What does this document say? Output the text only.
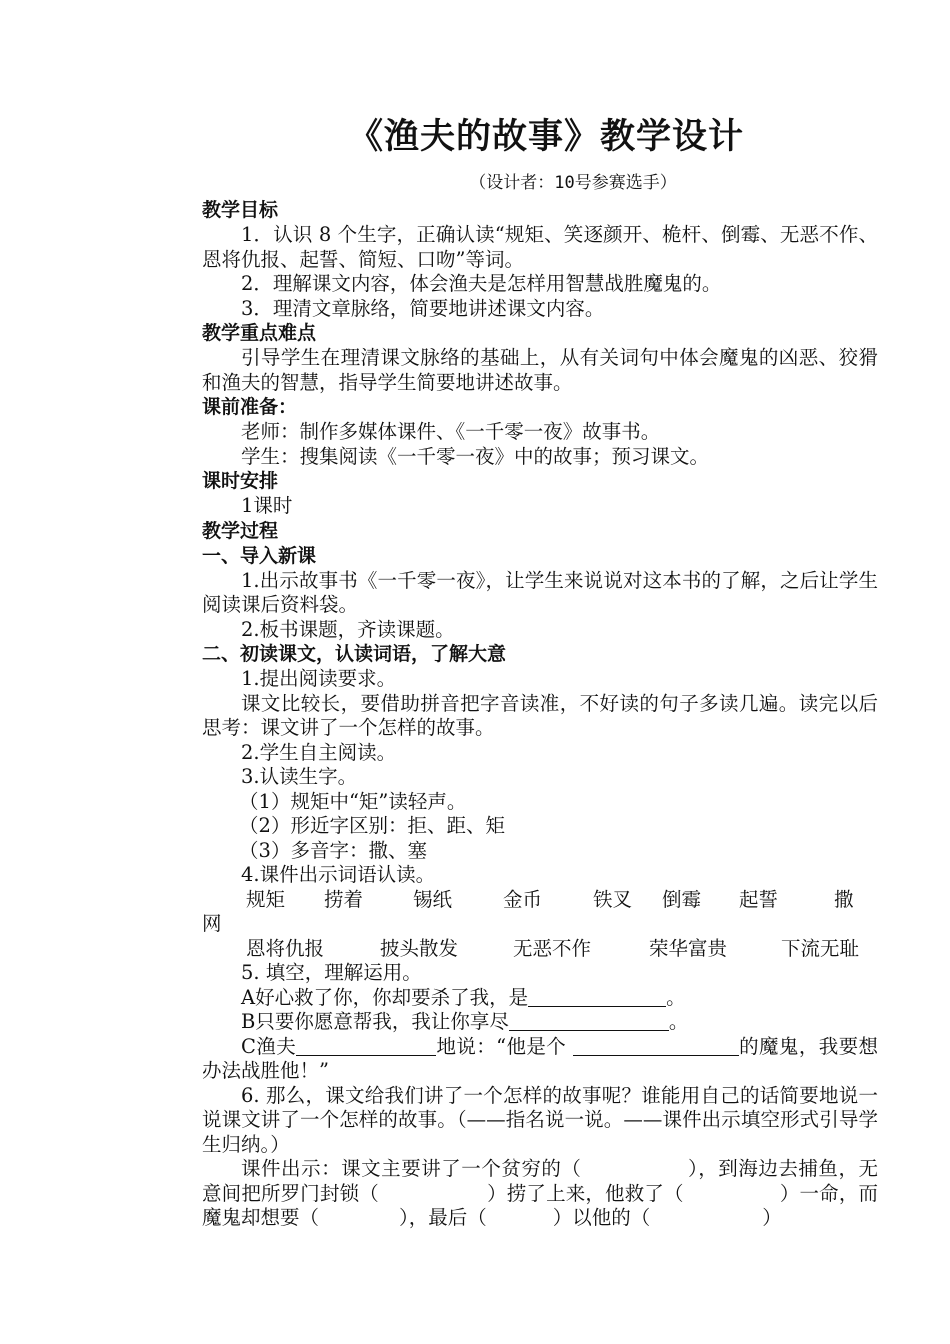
《渔夫的故事》教学设计
（设计者：10号参赛选手）
教学目标
1．认识 8 个生字，正确认读“规矩、笑逐颜开、桅杆、倒霉、无恶不作、恩将仇报、起誓、简短、口吻”等词。
2．理解课文内容，体会渔夫是怎样用智慧战胜魔鬼的。
3．理清文章脉络，简要地讲述课文内容。
教学重点难点
引导学生在理清课文脉络的基础上，从有关词句中体会魔鬼的凶恶、狡猾和渔夫的智慧，指导学生简要地讲述故事。
课前准备：
老师：制作多媒体课件、《一千零一夜》故事书。
学生：搜集阅读《一千零一夜》中的故事；预习课文。
课时安排
1课时
教学过程
一、导入新课
1.出示故事书《一千零一夜》，让学生来说说对这本书的了解，之后让学生阅读课后资料袋。
2.板书课题，齐读课题。
二、初读课文，认读词语，了解大意
1.提出阅读要求。
课文比较长，要借助拼音把字音读准，不好读的句子多读几遍。读完以后思考：课文讲了一个怎样的故事。
2.学生自主阅读。
3.认读生字。
（1）规矩中“矩”读轻声。
（2）形近字区别：拒、距、矩
（3）多音字：撒、塞
4.课件出示词语认读。
规矩 捞着	锡纸	金币	铁叉 倒霉 起誓	撒
网
恩将仇报	披头散发	无恶不作	荣华富贵	下流无耻
5. 填空，理解运用。
A好心救了你，你却要杀了我，是	。
B只要你愿意帮我，我让你享尽	。
C渔夫	地说：“他是个	的魔鬼，我要想办法战胜他！”
6. 那么，课文给我们讲了一个怎样的故事呢？谁能用自己的话简要地说一说课文讲了一个怎样的故事。（——指名说一说。——课件出示填空形式引导学生归纳。）
课件出示：课文主要讲了一个贫穷的（	），到海边去捕鱼，无意间把所罗门封锁（	）捞了上来，他救了（	）一命，而魔鬼却想要（	），最后（	）以他的（	）
